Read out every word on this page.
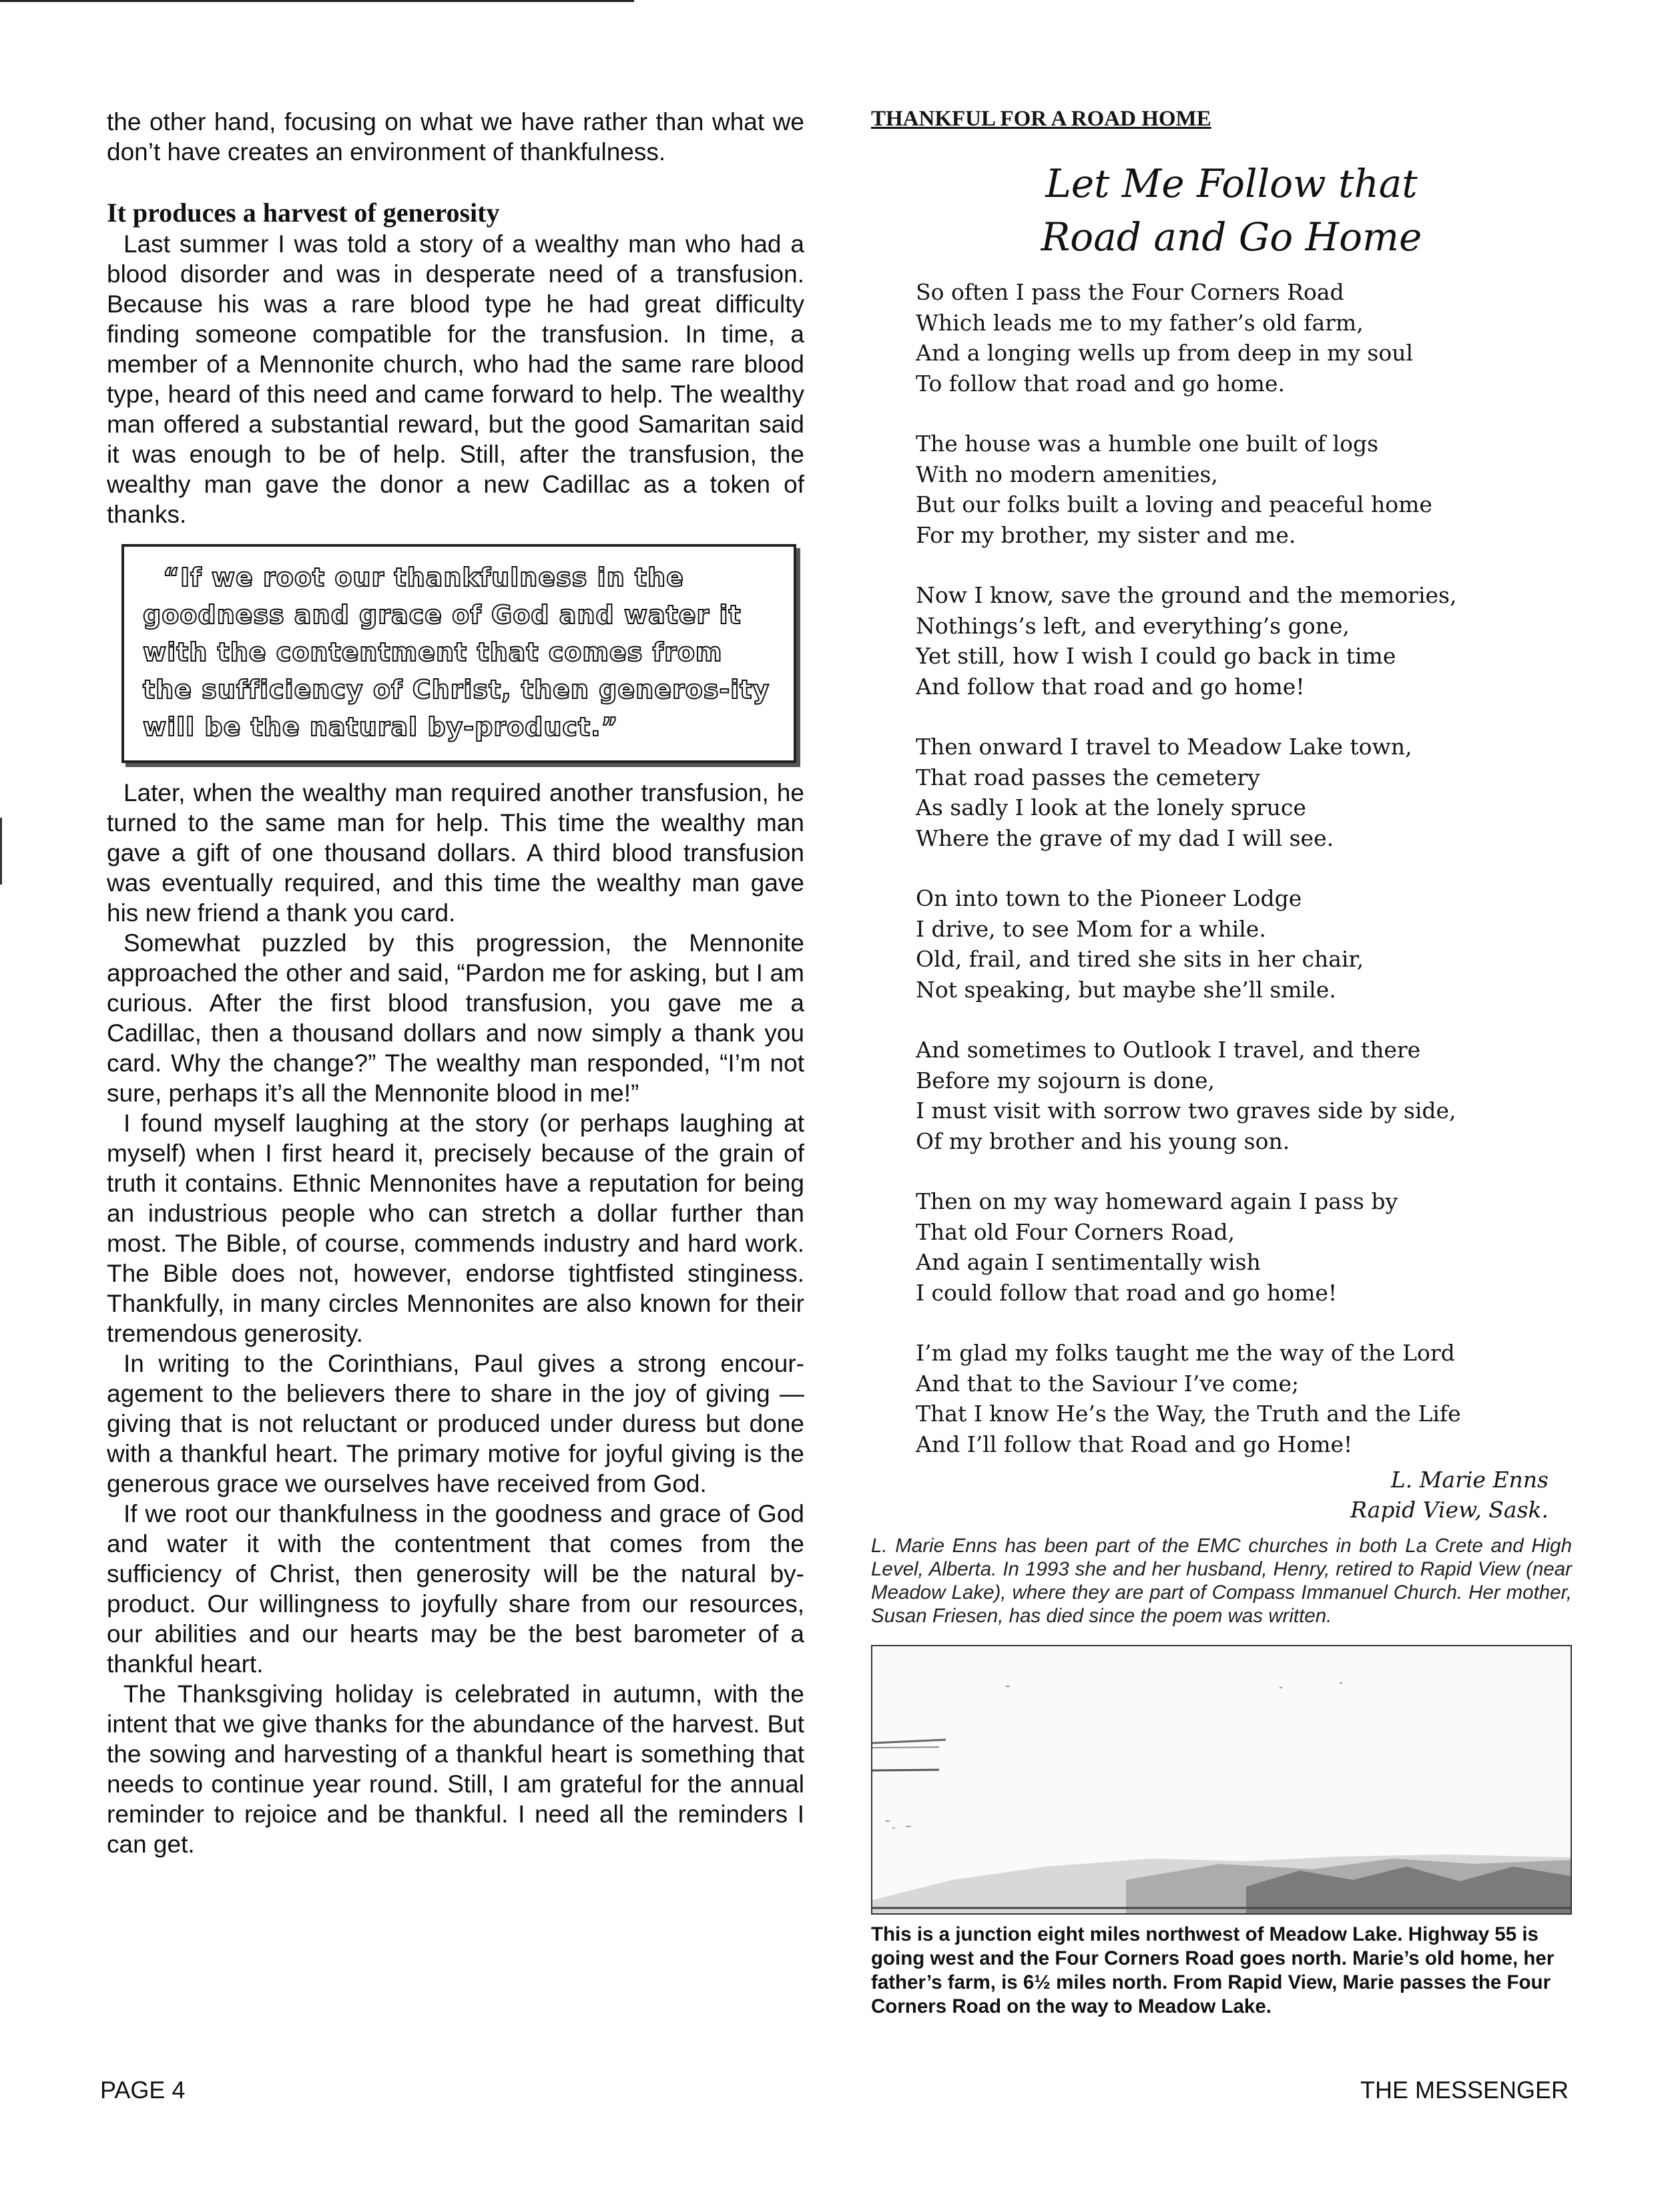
the other hand, focusing on what we have rather than what we don’t have creates an environment of thankfulness.

It produces a harvest of generosity

Last summer I was told a story of a wealthy man who had a blood disorder and was in desperate need of a transfusion. Because his was a rare blood type he had great difficulty finding someone compatible for the transfusion. In time, a member of a Mennonite church, who had the same rare blood type, heard of this need and came forward to help. The wealthy man offered a substantial reward, but the good Samaritan said it was enough to be of help. Still, after the transfusion, the wealthy man gave the donor a new Cadillac as a token of thanks.

“If we root our thankfulness in the goodness and grace of God and water it with the contentment that comes from the sufficiency of Christ, then generos-ity will be the natural by-product.”

Later, when the wealthy man required another transfusion, he turned to the same man for help. This time the wealthy man gave a gift of one thousand dollars. A third blood transfusion was eventually required, and this time the wealthy man gave his new friend a thank you card.

Somewhat puzzled by this progression, the Mennonite approached the other and said, “Pardon me for asking, but I am curious. After the first blood transfusion, you gave me a Cadillac, then a thousand dollars and now simply a thank you card. Why the change?” The wealthy man responded, “I’m not sure, perhaps it’s all the Mennonite blood in me!”

I found myself laughing at the story (or perhaps laughing at myself) when I first heard it, precisely because of the grain of truth it contains. Ethnic Mennonites have a reputation for being an industrious people who can stretch a dollar further than most. The Bible, of course, commends industry and hard work. The Bible does not, however, endorse tightfisted stinginess. Thankfully, in many circles Mennonites are also known for their tremendous generosity.

In writing to the Corinthians, Paul gives a strong encouragement to the believers there to share in the joy of giving — giving that is not reluctant or produced under duress but done with a thankful heart. The primary motive for joyful giving is the generous grace we ourselves have received from God.

If we root our thankfulness in the goodness and grace of God and water it with the contentment that comes from the sufficiency of Christ, then generosity will be the natural by-product. Our willingness to joyfully share from our resources, our abilities and our hearts may be the best barometer of a thankful heart.

The Thanksgiving holiday is celebrated in autumn, with the intent that we give thanks for the abundance of the harvest. But the sowing and harvesting of a thankful heart is something that needs to continue year round. Still, I am grateful for the annual reminder to rejoice and be thankful. I need all the reminders I can get.

THANKFUL FOR A ROAD HOME

Let Me Follow that
Road and Go Home
So often I pass the Four Corners Road
Which leads me to my father’s old farm,
And a longing wells up from deep in my soul
To follow that road and go home.
The house was a humble one built of logs
With no modern amenities,
But our folks built a loving and peaceful home
For my brother, my sister and me.
Now I know, save the ground and the memories,
Nothings’s left, and everything’s gone,
Yet still, how I wish I could go back in time
And follow that road and go home!
Then onward I travel to Meadow Lake town,
That road passes the cemetery
As sadly I look at the lonely spruce
Where the grave of my dad I will see.
On into town to the Pioneer Lodge
I drive, to see Mom for a while.
Old, frail, and tired she sits in her chair,
Not speaking, but maybe she’ll smile.
And sometimes to Outlook I travel, and there
Before my sojourn is done,
I must visit with sorrow two graves side by side,
Of my brother and his young son.
Then on my way homeward again I pass by
That old Four Corners Road,
And again I sentimentally wish
I could follow that road and go home!
I’m glad my folks taught me the way of the Lord
And that to the Saviour I’ve come;
That I know He’s the Way, the Truth and the Life
And I’ll follow that Road and go Home!
L. Marie Enns
Rapid View, Sask.

L. Marie Enns has been part of the EMC churches in both La Crete and High Level, Alberta. In 1993 she and her husband, Henry, retired to Rapid View (near Meadow Lake), where they are part of Compass Immanuel Church. Her mother, Susan Friesen, has died since the poem was written.

This is a junction eight miles northwest of Meadow Lake. Highway 55 is going west and the Four Corners Road goes north. Marie’s old home, her father’s farm, is 6½ miles north. From Rapid View, Marie passes the Four Corners Road on the way to Meadow Lake.

PAGE 4	THE MESSENGER
